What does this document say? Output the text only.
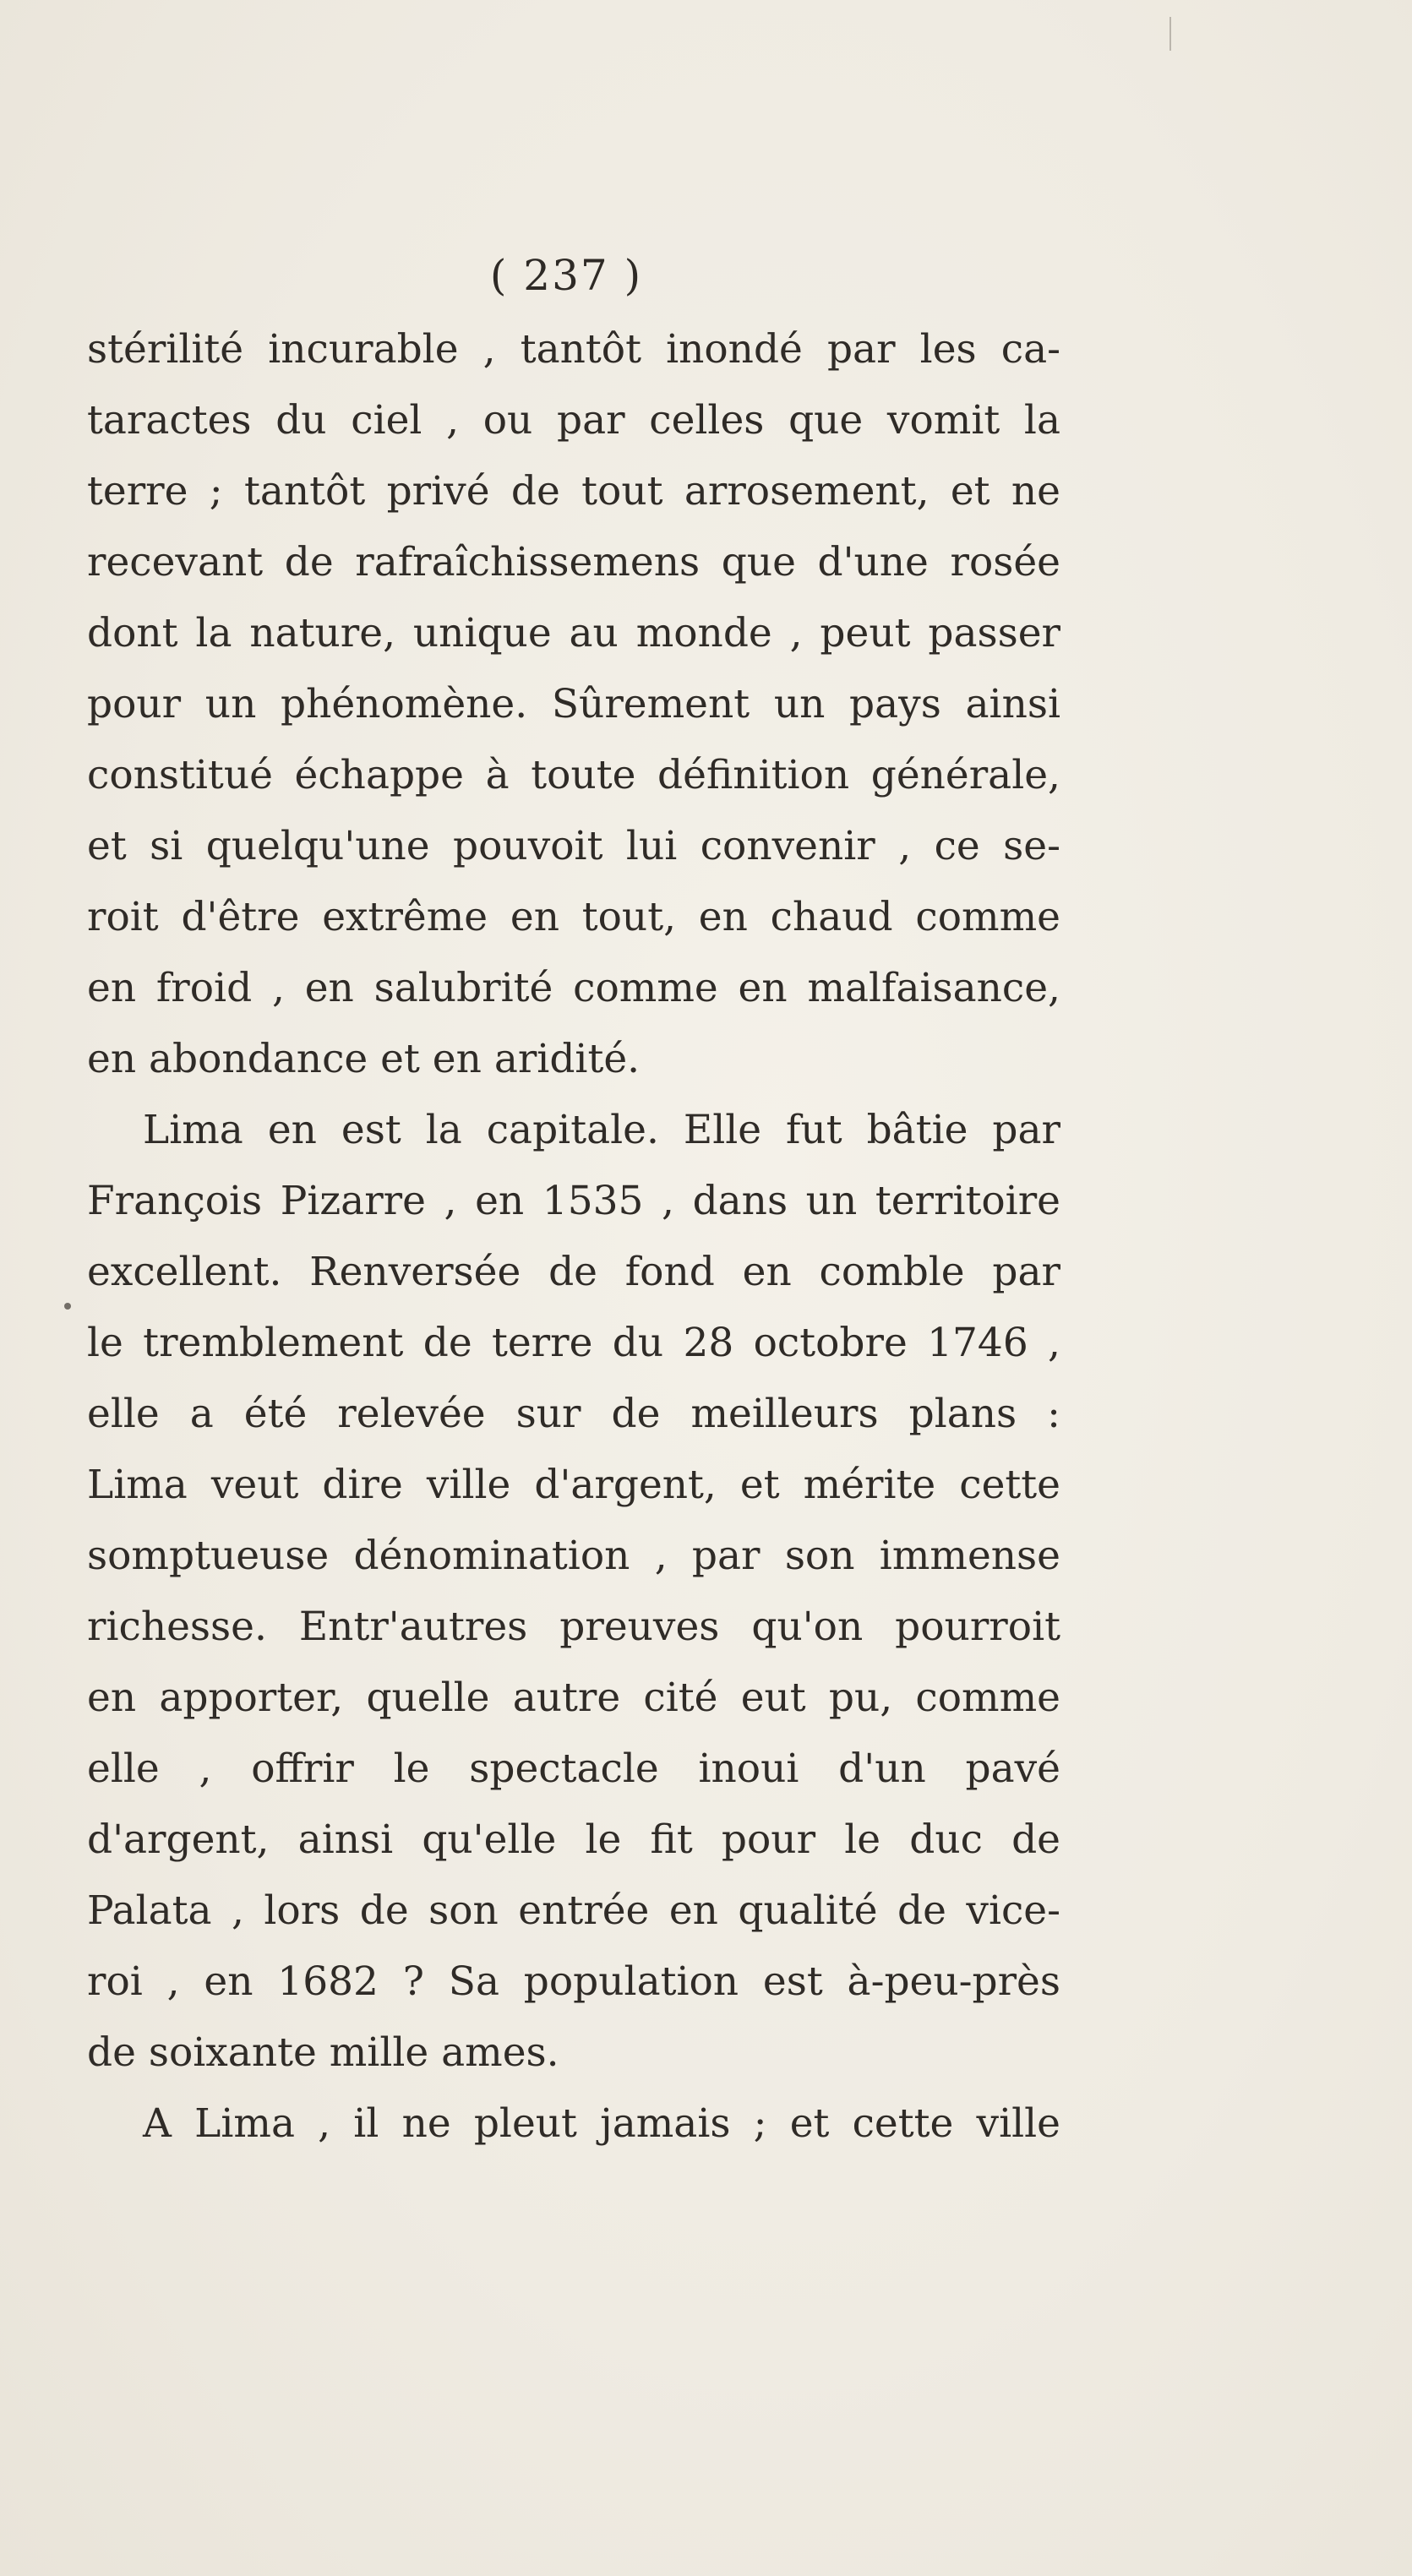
( 237 )
stérilité incurable , tantôt inondé par les ca-
taractes du ciel , ou par celles que vomit la
terre ; tantôt privé de tout arrosement, et ne
recevant de rafraîchissemens que d'une rosée
dont la nature, unique au monde , peut passer
pour un phénomène. Sûrement un pays ainsi
constitué échappe à toute définition générale,
et si quelqu'une pouvoit lui convenir , ce se-
roit d'être extrême en tout, en chaud comme
en froid , en salubrité comme en malfaisance,
en abondance et en aridité.
Lima en est la capitale. Elle fut bâtie par
François Pizarre , en 1535 , dans un territoire
excellent. Renversée de fond en comble par
le tremblement de terre du 28 octobre 1746 ,
elle a été relevée sur de meilleurs plans :
Lima veut dire ville d'argent, et mérite cette
somptueuse dénomination , par son immense
richesse. Entr'autres preuves qu'on pourroit
en apporter, quelle autre cité eut pu, comme
elle , offrir le spectacle inoui d'un pavé
d'argent, ainsi qu'elle le fit pour le duc de
Palata , lors de son entrée en qualité de vice-
roi , en 1682 ? Sa population est à-peu-près
de soixante mille ames.
A Lima , il ne pleut jamais ; et cette ville
